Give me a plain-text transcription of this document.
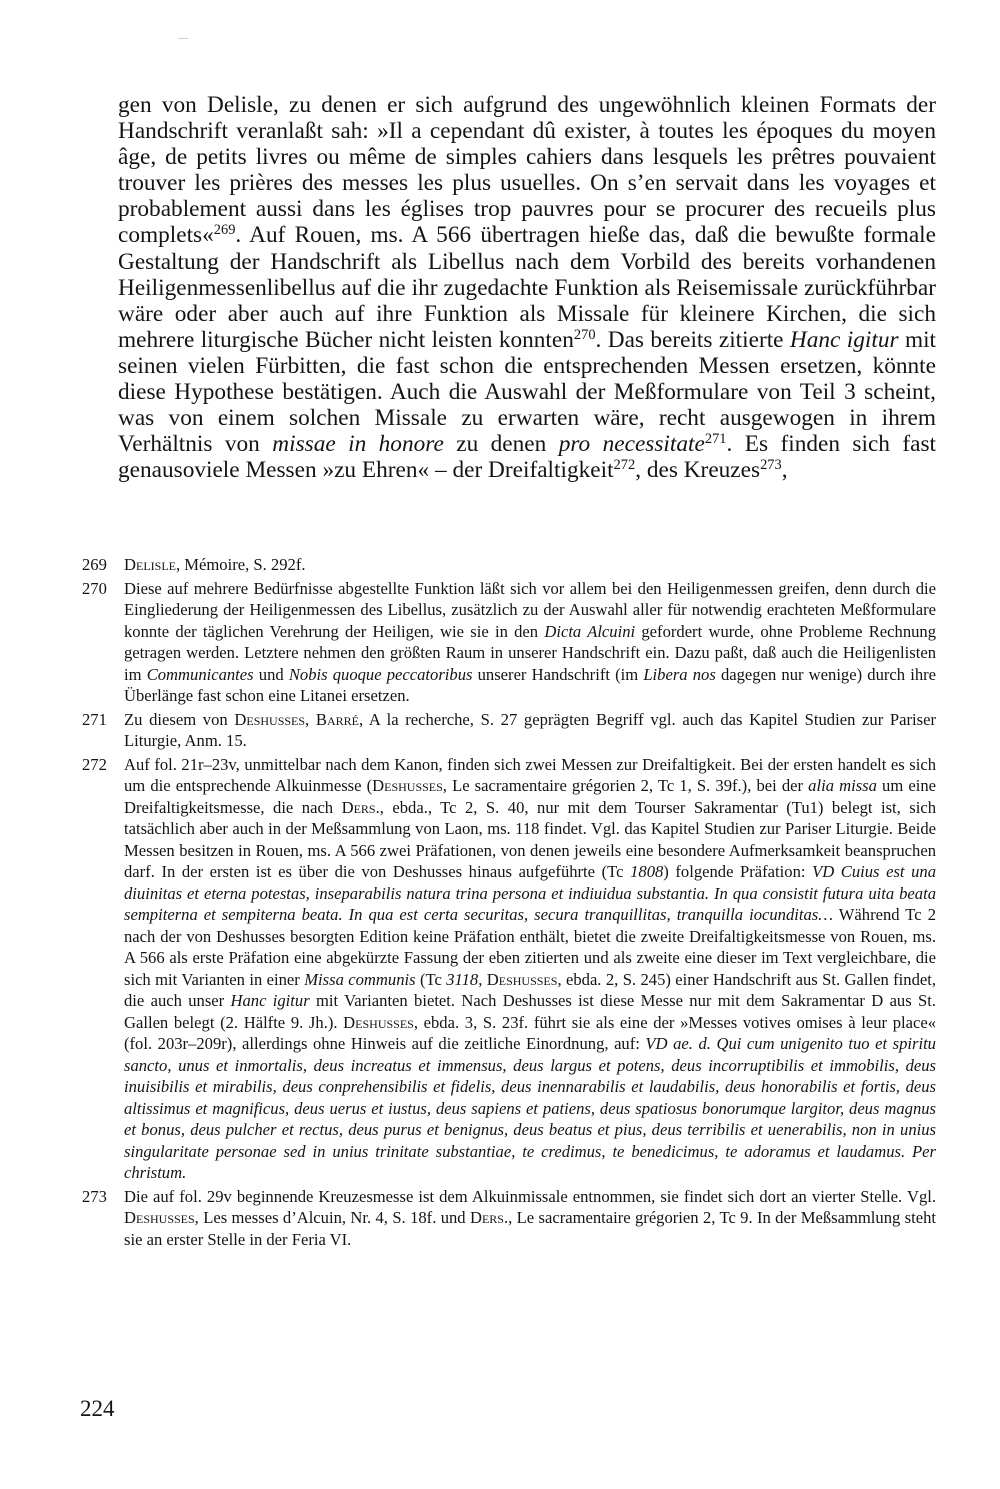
gen von Delisle, zu denen er sich aufgrund des ungewöhnlich kleinen Formats der Handschrift veranlaßt sah: »Il a cependant dû exister, à toutes les époques du moyen âge, de petits livres ou même de simples cahiers dans lesquels les prêtres pouvaient trouver les prières des messes les plus usuelles. On s’en servait dans les voyages et probablement aussi dans les églises trop pauvres pour se procurer des recueils plus complets«$^{269}$. Auf Rouen, ms. A 566 übertragen hieße das, daß die bewußte formale Gestaltung der Handschrift als Libellus nach dem Vorbild des bereits vorhandenen Heiligenmessenlibellus auf die ihr zugedachte Funktion als Reisemissale zurückführbar wäre oder aber auch auf ihre Funktion als Missale für kleinere Kirchen, die sich mehrere liturgische Bücher nicht leisten konnten$^{270}$. Das bereits zitierte Hanc igitur mit seinen vielen Fürbitten, die fast schon die entsprechenden Messen ersetzen, könnte diese Hypothese bestätigen. Auch die Auswahl der Meßformulare von Teil 3 scheint, was von einem solchen Missale zu erwarten wäre, recht ausgewogen in ihrem Verhältnis von missae in honore zu denen pro necessitate$^{271}$. Es finden sich fast genausoviele Messen »zu Ehren« – der Dreifaltigkeit$^{272}$, des Kreuzes$^{273}$,

269 Delisle, Mémoire, S. 292f.
270 Diese auf mehrere Bedürfnisse abgestellte Funktion läßt sich vor allem bei den Heiligenmessen greifen, denn durch die Eingliederung der Heiligenmessen des Libellus, zusätzlich zu der Auswahl aller für notwendig erachteten Meßformulare konnte der täglichen Verehrung der Heiligen, wie sie in den Dicta Alcuini gefordert wurde, ohne Probleme Rechnung getragen werden. Letztere nehmen den größten Raum in unserer Handschrift ein. Dazu paßt, daß auch die Heiligenlisten im Communicantes und Nobis quoque peccatoribus unserer Handschrift (im Libera nos dagegen nur wenige) durch ihre Überlänge fast schon eine Litanei ersetzen.
271 Zu diesem von Deshusses, Barré, A la recherche, S. 27 geprägten Begriff vgl. auch das Kapitel Studien zur Pariser Liturgie, Anm. 15.
272 Auf fol. 21r–23v, unmittelbar nach dem Kanon, finden sich zwei Messen zur Dreifaltigkeit. Bei der ersten handelt es sich um die entsprechende Alkuinmesse (Deshusses, Le sacramentaire grégorien 2, Tc 1, S. 39f.), bei der alia missa um eine Dreifaltigkeitsmesse, die nach Ders., ebda., Tc 2, S. 40, nur mit dem Tourser Sakramentar (Tu1) belegt ist, sich tatsächlich aber auch in der Meßsammlung von Laon, ms. 118 findet. Vgl. das Kapitel Studien zur Pariser Liturgie. Beide Messen besitzen in Rouen, ms. A 566 zwei Präfationen, von denen jeweils eine besondere Aufmerksamkeit beanspruchen darf. In der ersten ist es über die von Deshusses hinaus aufgeführte (Tc 1808) folgende Präfation: VD Cuius est una diuinitas et eterna potestas, inseparabilis natura trina persona et indiuidua substantia. In qua consistit futura uita beata sempiterna et sempiterna beata. In qua est certa securitas, secura tranquillitas, tranquilla iocunditas… Während Tc 2 nach der von Deshusses besorgten Edition keine Präfation enthält, bietet die zweite Dreifaltigkeitsmesse von Rouen, ms. A 566 als erste Präfation eine abgekürzte Fassung der eben zitierten und als zweite eine dieser im Text vergleichbare, die sich mit Varianten in einer Missa communis (Tc 3118, Deshusses, ebda. 2, S. 245) einer Handschrift aus St. Gallen findet, die auch unser Hanc igitur mit Varianten bietet. Nach Deshusses ist diese Messe nur mit dem Sakramentar D aus St. Gallen belegt (2. Hälfte 9. Jh.). Deshusses, ebda. 3, S. 23f. führt sie als eine der »Messes votives omises à leur place« (fol. 203r–209r), allerdings ohne Hinweis auf die zeitliche Einordnung, auf: VD ae. d. Qui cum unigenito tuo et spiritu sancto, unus et inmortalis, deus increatus et immensus, deus largus et potens, deus incorruptibilis et immobilis, deus inuisibilis et mirabilis, deus conprehensibilis et fidelis, deus inennarabilis et laudabilis, deus honorabilis et fortis, deus altissimus et magnificus, deus uerus et iustus, deus sapiens et patiens, deus spatiosus bonorumque largitor, deus magnus et bonus, deus pulcher et rectus, deus purus et benignus, deus beatus et pius, deus terribilis et uenerabilis, non in unius singularitate personae sed in unius trinitate substantiae, te credimus, te benedicimus, te adoramus et laudamus. Per christum.
273 Die auf fol. 29v beginnende Kreuzesmesse ist dem Alkuinmissale entnommen, sie findet sich dort an vierter Stelle. Vgl. Deshusses, Les messes d’Alcuin, Nr. 4, S. 18f. und Ders., Le sacramentaire grégorien 2, Tc 9. In der Meßsammlung steht sie an erster Stelle in der Feria VI.
224
